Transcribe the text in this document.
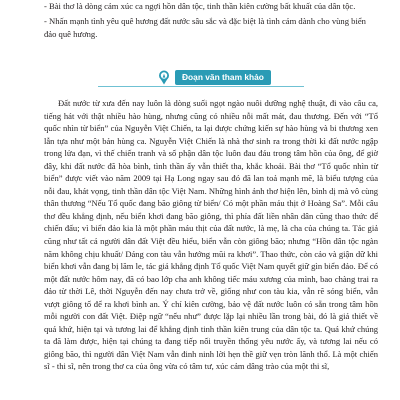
- Bài thơ là dòng cảm xúc ca ngợi hồn dân tộc, tinh thần kiên cường bất khuất của dân tộc.

- Nhấn mạnh tình yêu quê hương đất nước sâu sắc và đặc biệt là tình cảm dành cho vùng biển đảo quê hương.

Đoạn văn tham khảo

Đất nước từ xưa đến nay luôn là dòng suối ngọt ngào nuôi dưỡng nghệ thuật, đi vào câu ca, tiếng hát với thật nhiều hào hùng, nhưng cũng có nhiều nỗi mất mát, đau thương. Đến với “Tổ quốc nhìn từ biển” của Nguyễn Việt Chiến, ta lại được chứng kiến sự hào hùng và bi thương xen lẫn tựa như một bản hùng ca. Nguyễn Việt Chiến là nhà thơ sinh ra trong thời kì đất nước ngập trong lửa đạn, vì thế chiến tranh và số phận dân tộc luôn đau đáu trong tâm hồn của ông, để giờ đây, khi đất nước đã hòa bình, tình thần ấy vẫn thiết tha, khắc khoải. Bài thơ “Tổ quốc nhìn từ biển” được viết vào năm 2009 tại Hạ Long ngay sau đó đã lan toả mạnh mẽ, là biểu tượng của nỗi đau, khát vọng, tinh thần dân tộc Việt Nam. Những hình ảnh thơ hiện lên, bình dị mà vô cùng thân thương “Nếu Tổ quốc đang bão giông từ biển/ Có một phần máu thịt ở Hoàng Sa”. Mỗi câu thơ đều khẳng định, nếu biển khơi đang bão giông, thì phía đất liền nhân dân cũng thao thức để chiến đấu; vì biển đảo kia là một phần máu thịt của đất nước, là mẹ, là cha của chúng ta. Tác giả cũng như tất cả người dân đất Việt đều hiểu, biển vẫn còn giông bão; nhưng “Hồn dân tộc ngàn năm không chịu khuất/ Dáng con tàu vẫn hướng mũi ra khơi”. Thao thức, còn cảo và giận dữ khi biển khơi vẫn đang bị lăm le, tác giả khẳng định Tổ quốc Việt Nam quyết giữ gìn biển đảo. Để có một đất nước hôm nay, đã có bao lớp cha anh không tiếc máu xương của mình, bao chàng trai ra đảo từ thời Lê, thời Nguyễn đến nay chưa trở về, giống như con tàu kia, vẫn rẽ sóng biển, vẫn vượt giông tố để ra khơi bình an. Ý chí kiên cường, bảo vệ đất nước luôn có sẵn trong tâm hồn mỗi người con đất Việt. Điệp ngữ “nếu như” được lặp lại nhiều lần trong bài, đó là giả thiết về quá khứ, hiện tại và tương lai để khẳng định tinh thần kiên trung của dân tộc ta. Quá khứ chúng ta đã làm được, hiện tại chúng ta đang tiếp nối truyền thống yêu nước ấy, và tương lai nếu có giông bão, thì người dân Việt Nam vẫn đinh ninh lời hẹn thề giữ vẹn tròn lãnh thổ. Là một chiến sĩ - thi sĩ, nên trong thơ ca của ông vừa có tâm tư, xúc cảm dâng trào của một thi sĩ,
